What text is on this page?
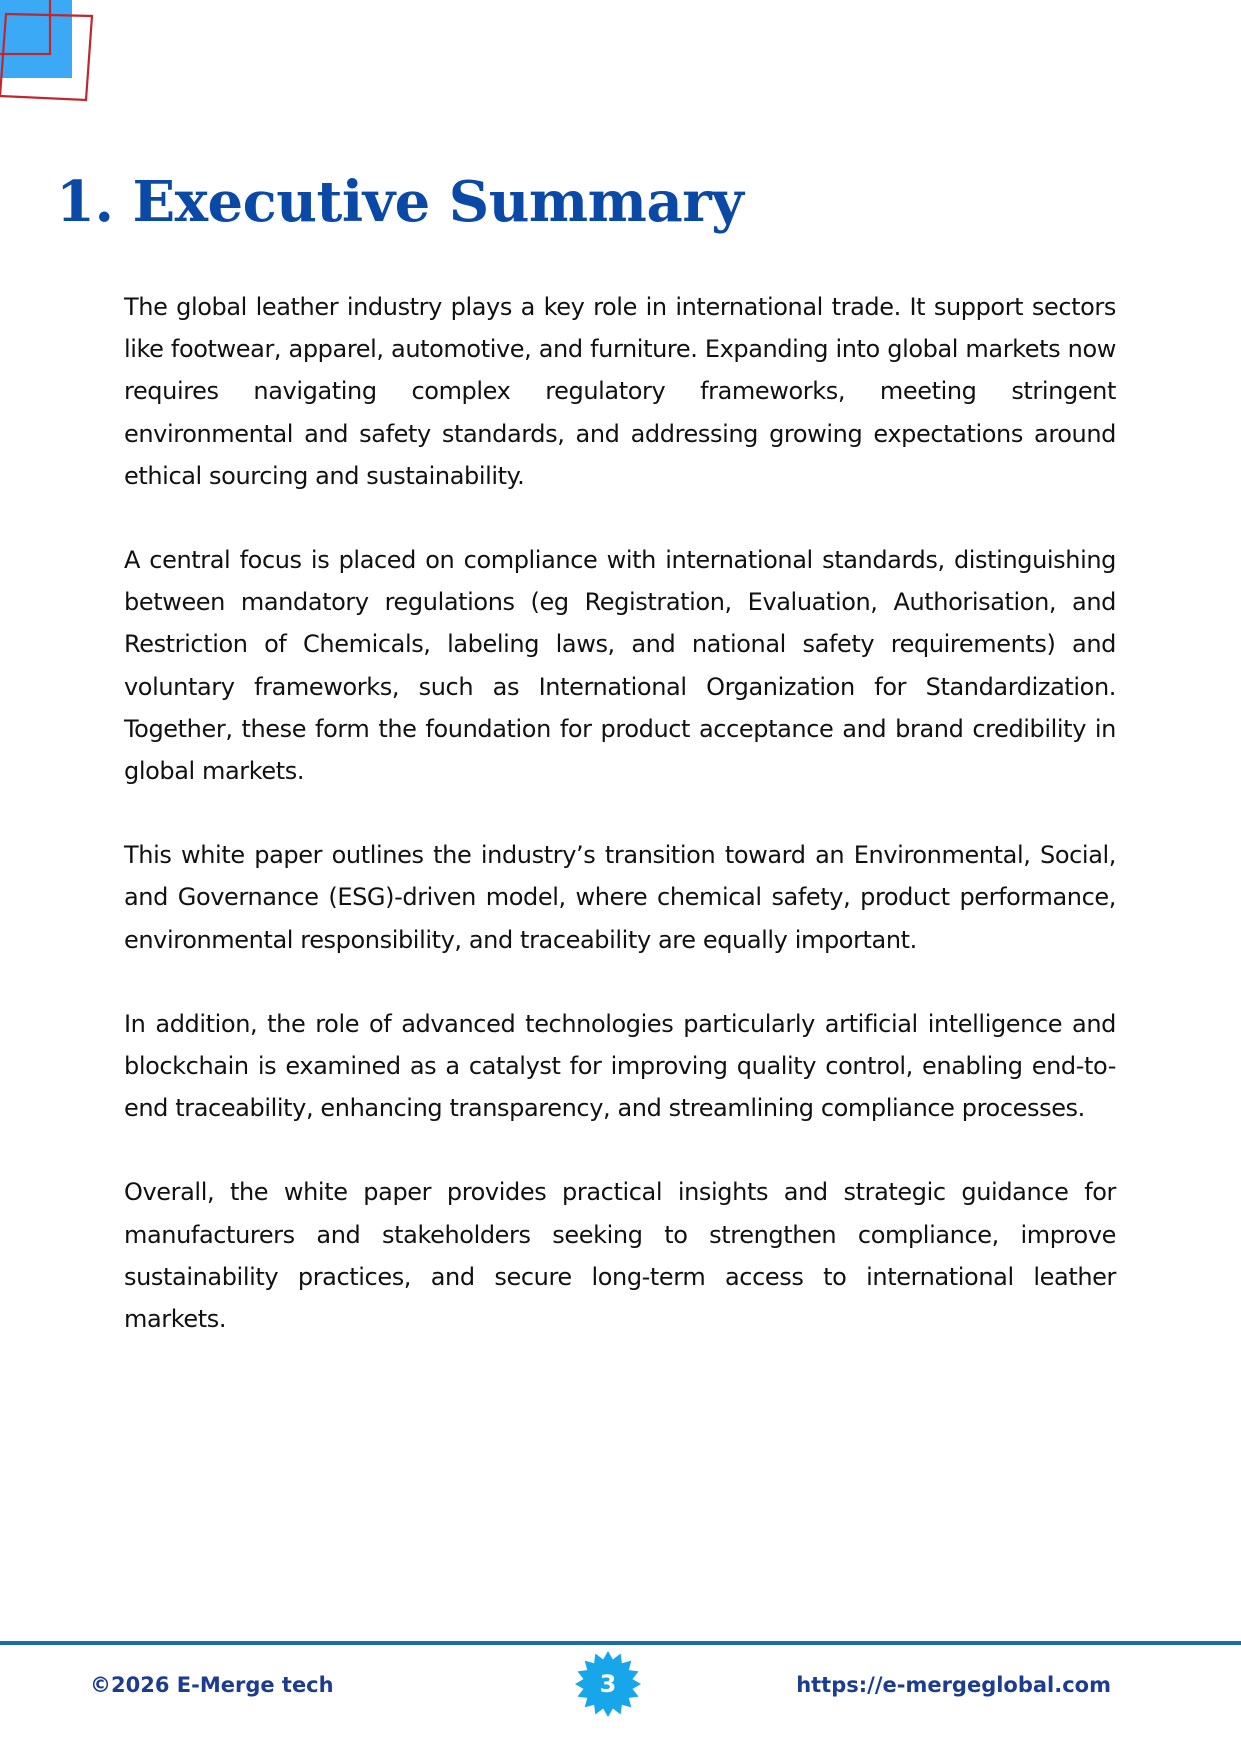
1. Executive Summary

The global leather industry plays a key role in international trade. It support sectors like footwear, apparel, automotive, and furniture. Expanding into global markets now requires navigating complex regulatory frameworks, meeting stringent environmental and safety standards, and addressing growing expectations around ethical sourcing and sustainability.

A central focus is placed on compliance with international standards, distinguishing between mandatory regulations (eg Registration, Evaluation, Authorisation, and Restriction of Chemicals, labeling laws, and national safety requirements) and voluntary frameworks, such as International Organization for Standardization. Together, these form the foundation for product acceptance and brand credibility in global markets.

This white paper outlines the industry’s transition toward an Environmental, Social, and Governance (ESG)-driven model, where chemical safety, product performance, environmental responsibility, and traceability are equally important.

In addition, the role of advanced technologies particularly artificial intelligence and blockchain is examined as a catalyst for improving quality control, enabling end-to-end traceability, enhancing transparency, and streamlining compliance processes.

Overall, the white paper provides practical insights and strategic guidance for manufacturers and stakeholders seeking to strengthen compliance, improve sustainability practices, and secure long-term access to international leather markets.

©2026 E-Merge tech	3	https://e-mergeglobal.com
